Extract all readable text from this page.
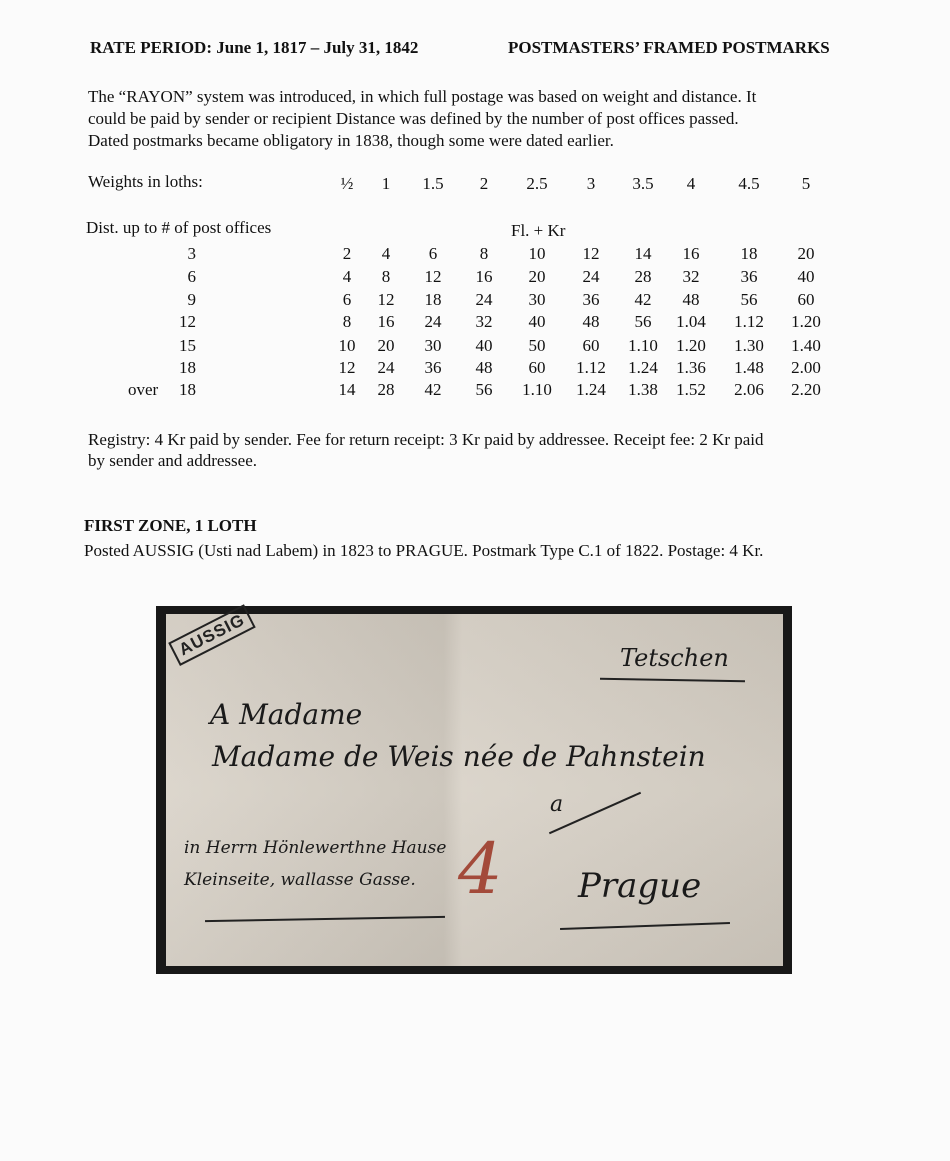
RATE PERIOD: June 1, 1817 – July 31, 1842	POSTMASTERS’ FRAMED POSTMARKS
The “RAYON” system was introduced, in which full postage was based on weight and distance. It
could be paid by sender or recipient Distance was defined by the number of post offices passed.
Dated postmarks became obligatory in 1838, though some were dated earlier.
Weights in loths:	½	1	1.5	2	2.5	3	3.5	4	4.5	5
Dist. up to # of post offices	Fl. + Kr
3	2	4	6	8	10	12	14	16	18	20
6	4	8	12	16	20	24	28	32	36	40
9	6	12	18	24	30	36	42	48	56	60
12	8	16	24	32	40	48	56	1.04	1.12	1.20
15	10	20	30	40	50	60	1.10	1.20	1.30	1.40
18	12	24	36	48	60	1.12	1.24	1.36	1.48	2.00
over	18	14	28	42	56	1.10	1.24	1.38	1.52	2.06	2.20
Registry: 4 Kr paid by sender. Fee for return receipt: 3 Kr paid by addressee. Receipt fee: 2 Kr paid
by sender and addressee.
FIRST ZONE, 1 LOTH
Posted AUSSIG (Usti nad Labem) in 1823 to PRAGUE. Postmark Type C.1 of 1822. Postage: 4 Kr.
AUSSIG	Tetschen
A Madame
Madame de Weis née de Pahnstein
a
in Herrn Hönlewerthne Hause
Kleinseite, wallasse Gasse. 4 Prague
